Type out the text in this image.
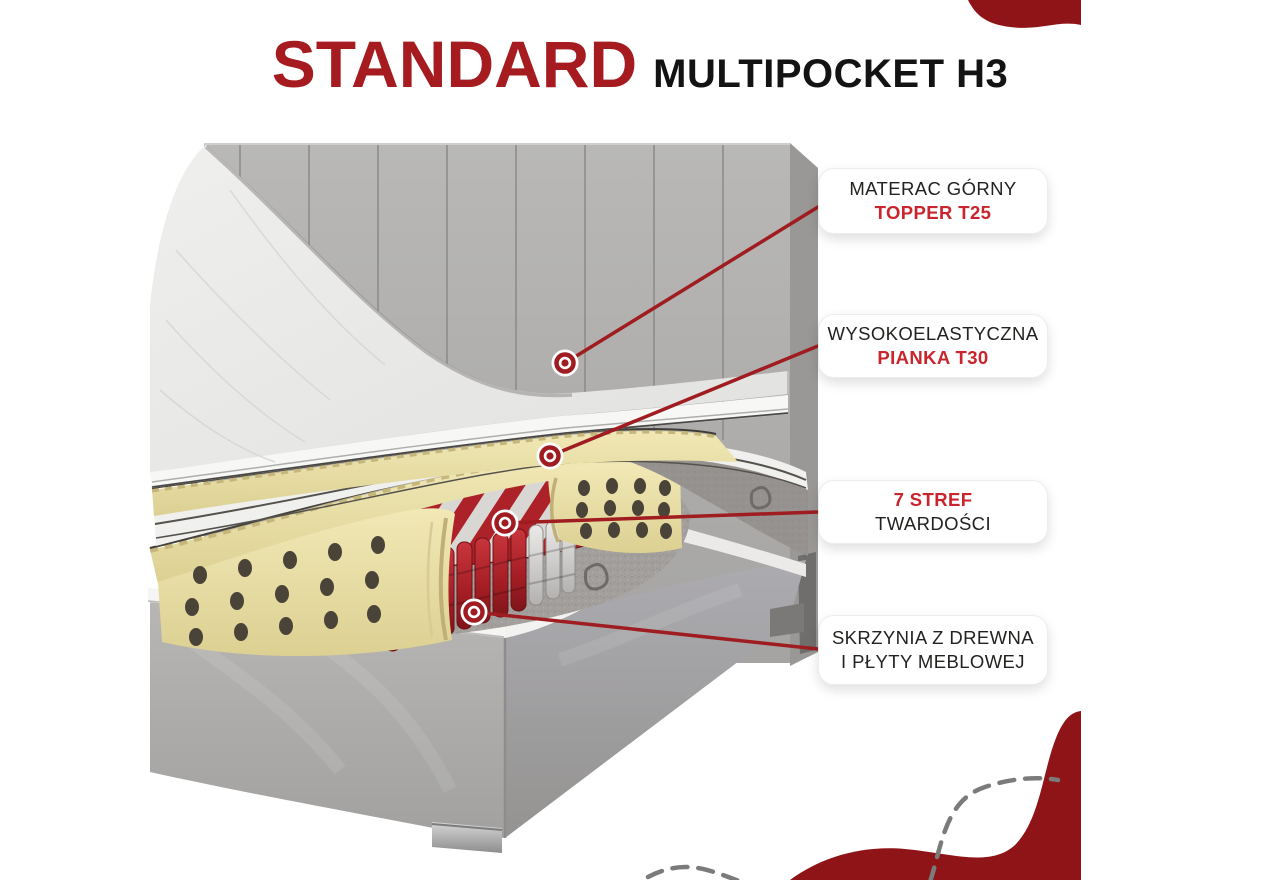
STANDARD MULTIPOCKET H3
MATERAC GÓRNY
TOPPER T25
WYSOKOELASTYCZNA
PIANKA T30
7 STREF
TWARDOŚCI
SKRZYNIA Z DREWNA
I PŁYTY MEBLOWEJ
